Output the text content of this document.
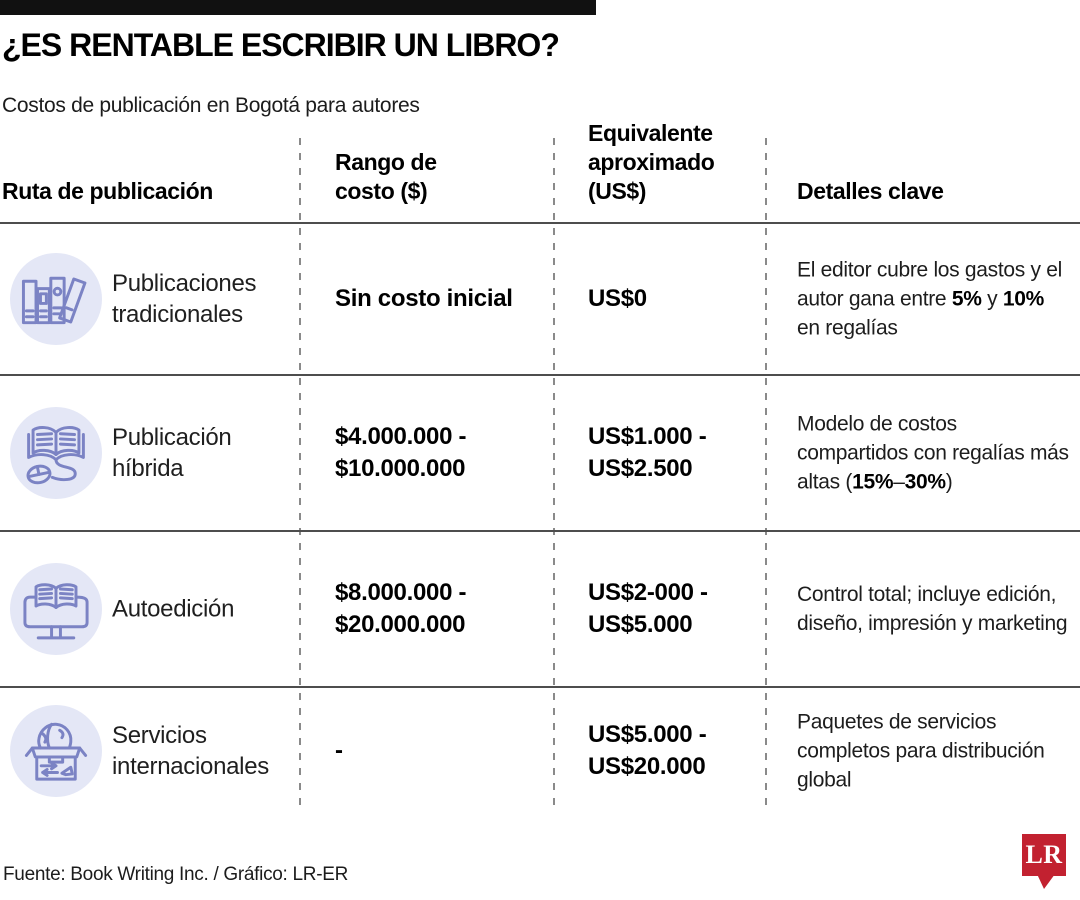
¿ES RENTABLE ESCRIBIR UN LIBRO?
Costos de publicación en Bogotá para autores
Ruta de publicación
Rango de costo ($)
Equivalente aproximado (US$)	Detalles clave
Publicaciones tradicionales
Sin costo inicial	US$0
El editor cubre los gastos y el autor gana entre 5% y 10% en regalías
Publicación híbrida
$4.000.000 - $10.000.000
US$1.000 - US$2.500
Modelo de costos compartidos con regalías más altas (15%–30%)
Autoedición
$8.000.000 - $20.000.000
US$2-000 - US$5.000
Control total; incluye edición, diseño, impresión y marketing
Servicios internacionales
-
US$5.000 - US$20.000
Paquetes de servicios completos para distribución global
Fuente: Book Writing Inc. / Gráfico: LR-ER
LR
